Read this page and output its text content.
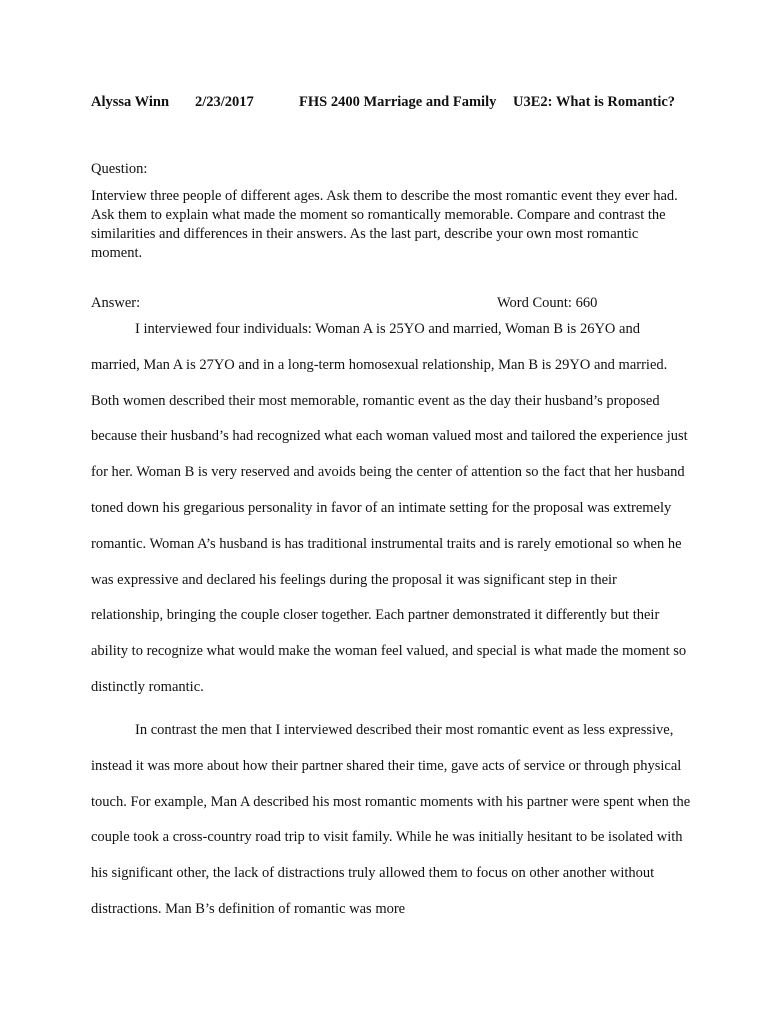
Alyssa Winn 2/23/2017	FHS 2400 Marriage and Family U3E2: What is Romantic?
Question:

Interview three people of different ages. Ask them to describe the most romantic event they ever had. Ask them to explain what made the moment so romantically memorable. Compare and contrast the similarities and differences in their answers. As the last part, describe your own most romantic moment.

Answer:	Word Count: 660

I interviewed four individuals: Woman A is 25YO and married, Woman B is 26YO and married, Man A is 27YO and in a long-term homosexual relationship, Man B is 29YO and married. Both women described their most memorable, romantic event as the day their husband’s proposed because their husband’s had recognized what each woman valued most and tailored the experience just for her. Woman B is very reserved and avoids being the center of attention so the fact that her husband toned down his gregarious personality in favor of an intimate setting for the proposal was extremely romantic. Woman A’s husband is has traditional instrumental traits and is rarely emotional so when he was expressive and declared his feelings during the proposal it was significant step in their relationship, bringing the couple closer together. Each partner demonstrated it differently but their ability to recognize what would make the woman feel valued, and special is what made the moment so distinctly romantic.

In contrast the men that I interviewed described their most romantic event as less expressive, instead it was more about how their partner shared their time, gave acts of service or through physical touch. For example, Man A described his most romantic moments with his partner were spent when the couple took a cross-country road trip to visit family. While he was initially hesitant to be isolated with his significant other, the lack of distractions truly allowed them to focus on other another without distractions. Man B’s definition of romantic was more
